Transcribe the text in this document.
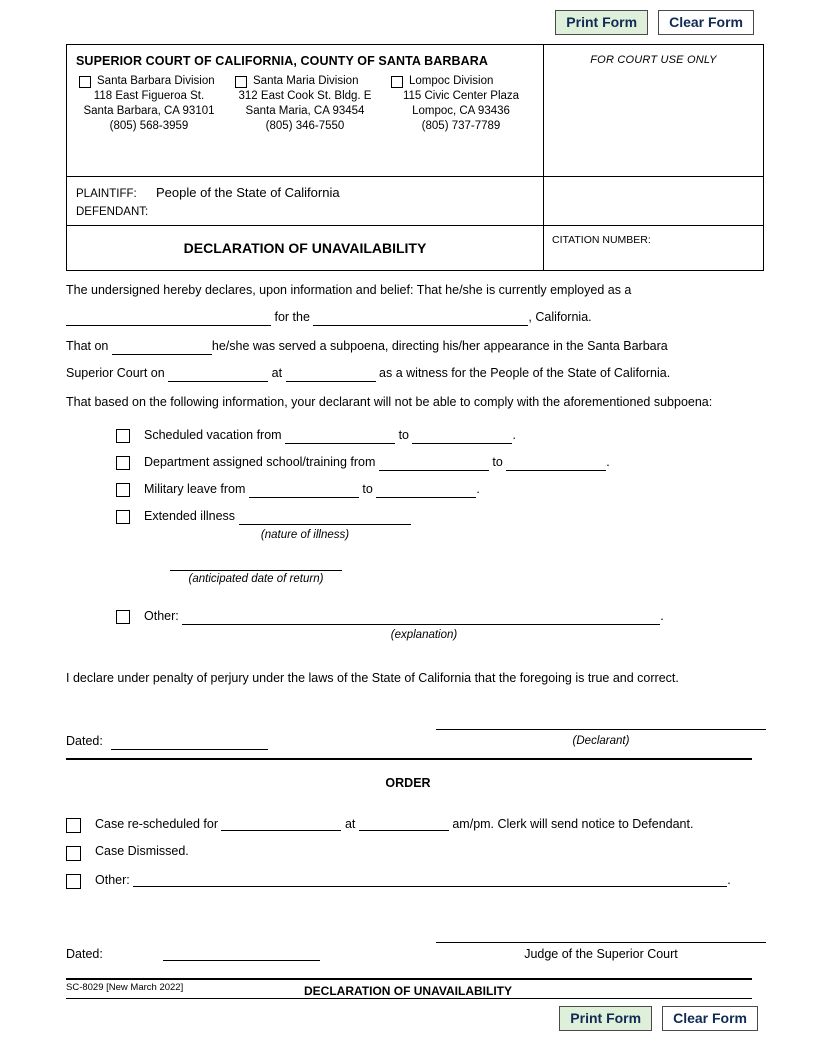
Print Form	Clear Form
SUPERIOR COURT OF CALIFORNIA, COUNTY OF SANTA BARBARA
Santa Barbara Division
118 East Figueroa St.
Santa Barbara, CA 93101
(805) 568-3959
Santa Maria Division
312 East Cook St. Bldg. E
Santa Maria, CA 93454
(805) 346-7550
Lompoc Division
115 Civic Center Plaza
Lompoc, CA 93436
(805) 737-7789
FOR COURT USE ONLY
PLAINTIFF:	People of the State of California
DEFENDANT:
DECLARATION OF UNAVAILABILITY	CITATION NUMBER:
The undersigned hereby declares, upon information and belief: That he/she is currently employed as a
for the	, California.
That on	he/she was served a subpoena, directing his/her appearance in the Santa Barbara
Superior Court on	at	as a witness for the People of the State of California.
That based on the following information, your declarant will not be able to comply with the aforementioned subpoena:
Scheduled vacation from	to	.
Department assigned school/training from	to	.
Military leave from	to	.
Extended illness
(nature of illness)
(anticipated date of return)
Other:	.
(explanation)
I declare under penalty of perjury under the laws of the State of California that the foregoing is true and correct.
Dated:	(Declarant)
ORDER
Case re-scheduled for	at	am/pm. Clerk will send notice to Defendant.
Case Dismissed.
Other:	.
Dated:	Judge of the Superior Court
SC-8029 [New March 2022]	DECLARATION OF UNAVAILABILITY
Print Form	Clear Form
